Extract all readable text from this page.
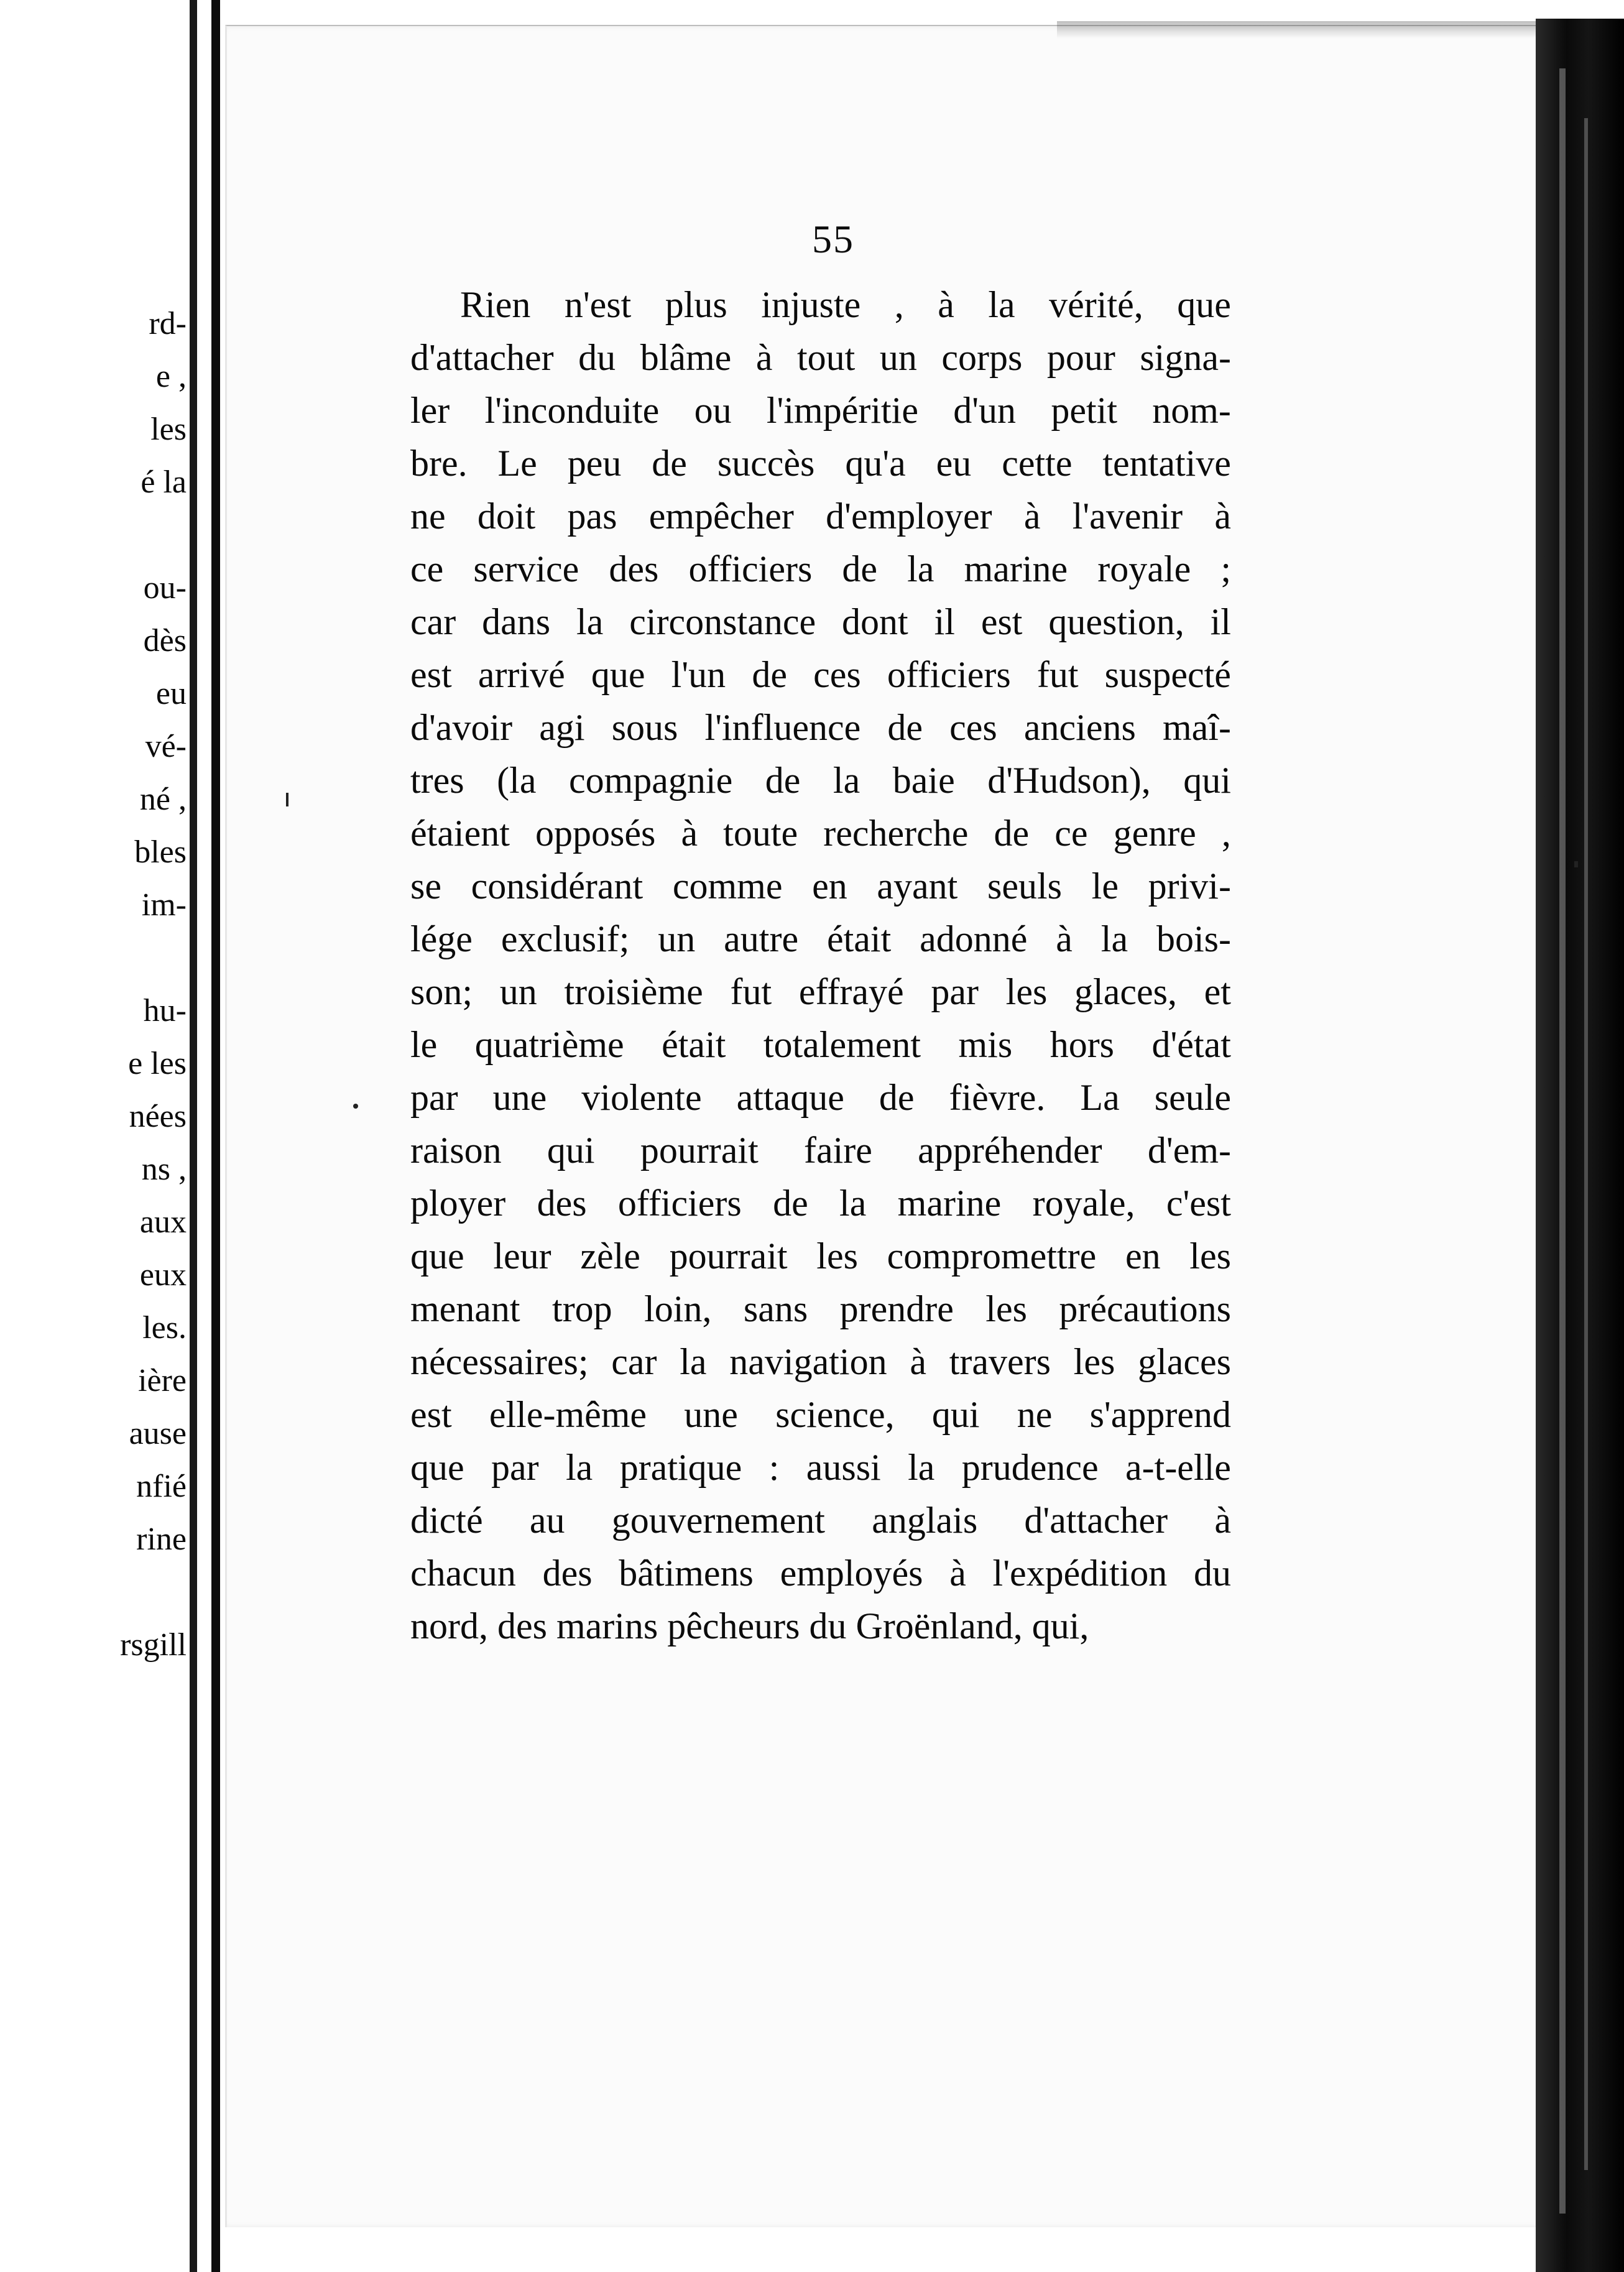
rd-
e ,
les
é la
ou-
dès
eu
vé-
né ,
bles
im-
hu-
e les
nées
ns ,
aux
eux
les.
ière
ause
nfié
rine
rsgill
55
Rien n'est plus injuste , à la vérité, que
d'attacher du blâme à tout un corps pour signa-
ler l'inconduite ou l'impéritie d'un petit nom-
bre. Le peu de succès qu'a eu cette tentative
ne doit pas empêcher d'employer à l'avenir à
ce service des officiers de la marine royale ;
car dans la circonstance dont il est question, il
est arrivé que l'un de ces officiers fut suspecté
d'avoir agi sous l'influence de ces anciens maî-
tres (la compagnie de la baie d'Hudson), qui
étaient opposés à toute recherche de ce genre ,
se considérant comme en ayant seuls le privi-
lége exclusif; un autre était adonné à la bois-
son; un troisième fut effrayé par les glaces, et
le quatrième était totalement mis hors d'état
par une violente attaque de fièvre. La seule
raison qui pourrait faire appréhender d'em-
ployer des officiers de la marine royale, c'est
que leur zèle pourrait les compromettre en les
menant trop loin, sans prendre les précautions
nécessaires; car la navigation à travers les glaces
est elle-même une science, qui ne s'apprend
que par la pratique : aussi la prudence a-t-elle
dicté au gouvernement anglais d'attacher à
chacun des bâtimens employés à l'expédition du
nord, des marins pêcheurs du Groënland, qui,
